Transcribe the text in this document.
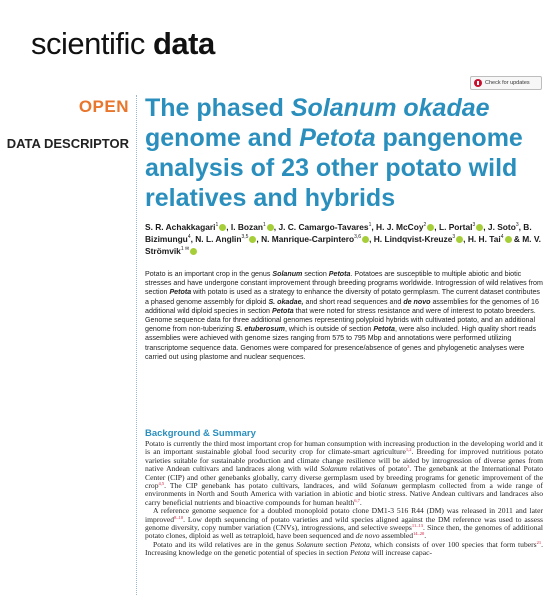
scientific data
Check for updates
OPEN
DATA DESCRIPTOR
The phased Solanum okadae genome and Petota pangenome analysis of 23 other potato wild relatives and hybrids
S. R. Achakkagari$^1$ , I. Bozan$^1$ , J. C. Camargo-Tavares$^1$, H. J. McCoy$^2$ , L. Portal$^3$ , J. Soto$^3$, B. Bizimungu$^4$, N. L. Anglin$^{3,5}$ , N. Manrique-Carpintero$^{3,6}$ , H. Lindqvist-Kreuze$^3$ , H. H. Tai$^4$ & M. V. Strömvik$^{1 ✉}$

Potato is an important crop in the genus Solanum section Petota. Potatoes are susceptible to multiple abiotic and biotic stresses and have undergone constant improvement through breeding programs worldwide. Introgression of wild relatives from section Petota with potato is used as a strategy to enhance the diversity of potato germplasm. The current dataset contributes a phased genome assembly for diploid S. okadae, and short read sequences and de novo assemblies for the genomes of 16 additional wild diploid species in section Petota that were noted for stress resistance and were of interest to potato breeders. Genome sequence data for three additional genomes representing polyploid hybrids with cultivated potato, and an additional genome from non-tuberizing S. etuberosum, which is outside of section Petota, were also included. High quality short reads assemblies were achieved with genome sizes ranging from 575 to 795 Mbp and annotations were performed utilizing transcriptome sequence data. Genomes were compared for presence/absence of genes and phylogenetic analyses were carried out using plastome and nuclear sequences.

Background & Summary

Potato is currently the third most important crop for human consumption with increasing production in the developing world and it is an important sustainable global food security crop for climate-smart agriculture$^{1,2}$. Breeding for improved nutritious potato varieties suitable for sustainable production and climate change resilience will be aided by introgression of diverse genes from native Andean cultivars and landraces along with wild Solanum relatives of potato$^3$. The genebank at the International Potato Center (CIP) and other genebanks globally, carry diverse germplasm used by breeding programs for genetic improvement of the crop$^{4,5}$. The CIP genebank has potato cultivars, landraces, and wild Solanum germplasm collected from a wide range of environments in North and South America with variation in abiotic and biotic stress. Native Andean cultivars and landraces also carry beneficial nutrients and bioactive compounds for human health$^{6,7}$.

A reference genome sequence for a doubled monoploid potato clone DM1-3 516 R44 (DM) was released in 2011 and later improved$^{8-10}$. Low depth sequencing of potato varieties and wild species aligned against the DM reference was used to assess genome diversity, copy number variation (CNVs), introgressions, and selective sweeps$^{11-13}$. Since then, the genomes of additional potato clones, diploid as well as tetraploid, have been sequenced and de novo assembled$^{14-20}$.

Potato and its wild relatives are in the genus Solanum section Petota, which consists of over 100 species that form tubers$^{21}$. Increasing knowledge on the genetic potential of species in section Petota will increase capac-
